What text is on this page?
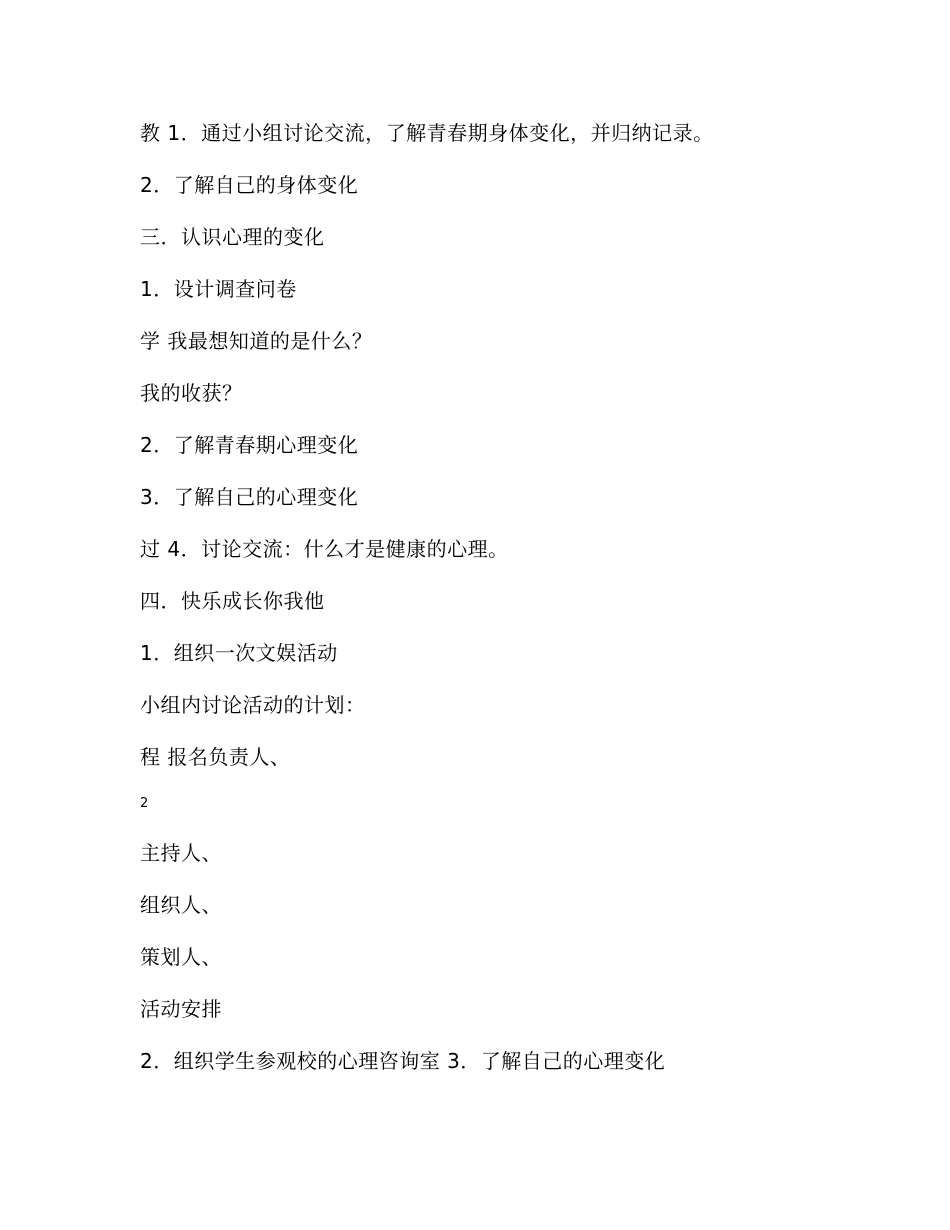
教 1．通过小组讨论交流，了解青春期身体变化，并归纳记录。
2．了解自己的身体变化
三．认识心理的变化
1．设计调查问卷
学 我最想知道的是什么？
我的收获？
2．了解青春期心理变化
3．了解自己的心理变化
过 4．讨论交流：什么才是健康的心理。
四．快乐成长你我他
1．组织一次文娱活动
小组内讨论活动的计划：
程 报名负责人、
2
主持人、
组织人、
策划人、
活动安排
2．组织学生参观校的心理咨询室 3．了解自己的心理变化
